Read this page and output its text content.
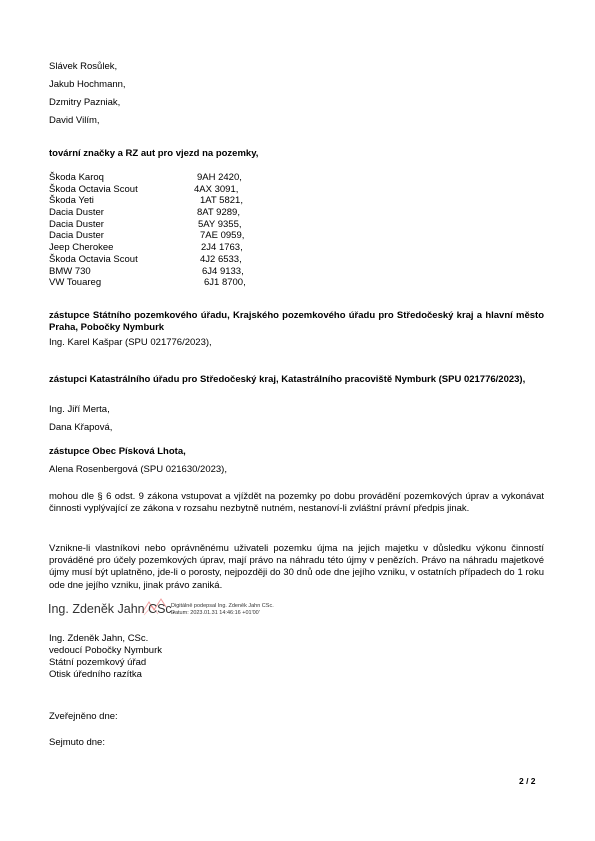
Slávek Rosůlek,
Jakub Hochmann,
Dzmitry Pazniak,
David Vilím,
tovární značky a RZ aut pro vjezd na pozemky,
Škoda Karoq	9AH 2420,
Škoda Octavia Scout	4AX 3091,
Škoda Yeti	1AT 5821,
Dacia Duster	8AT 9289,
Dacia Duster	5AY 9355,
Dacia Duster	7AE 0959,
Jeep Cherokee	2J4 1763,
Škoda Octavia Scout	4J2 6533,
BMW 730	6J4 9133,
VW Touareg	6J1 8700,
zástupce Státního pozemkového úřadu, Krajského pozemkového úřadu pro Středočeský kraj a hlavní město Praha, Pobočky Nymburk
Ing. Karel Kašpar (SPU 021776/2023),
zástupci Katastrálního úřadu pro Středočeský kraj, Katastrálního pracoviště Nymburk (SPU 021776/2023),
Ing. Jiří Merta,
Dana Křapová,
zástupce Obec Písková Lhota,
Alena Rosenbergová (SPU 021630/2023),
mohou dle § 6 odst. 9 zákona vstupovat a vjíždět na pozemky po dobu provádění pozemkových úprav a vykonávat činnosti vyplývající ze zákona v rozsahu nezbytně nutném, nestanoví-li zvláštní právní předpis jinak.
Vznikne-li vlastníkovi nebo oprávněnému uživateli pozemku újma na jejich majetku v důsledku výkonu činností prováděné pro účely pozemkových úprav, mají právo na náhradu této újmy v penězích. Právo na náhradu majetkové újmy musí být uplatněno, jde-li o porosty, nejpozději do 30 dnů ode dne jejího vzniku, v ostatních případech do 1 roku ode dne jejího vzniku, jinak právo zaniká.
Ing. Zdeněk Jahn CSc.
Digitálně podepsal Ing. Zdeněk Jahn CSc.
Datum: 2023.01.31 14:46:16 +01'00'
Ing. Zdeněk Jahn, CSc.
vedoucí Pobočky Nymburk
Státní pozemkový úřad
Otisk úředního razítka
Zveřejněno dne:
Sejmuto dne:
2 / 2
